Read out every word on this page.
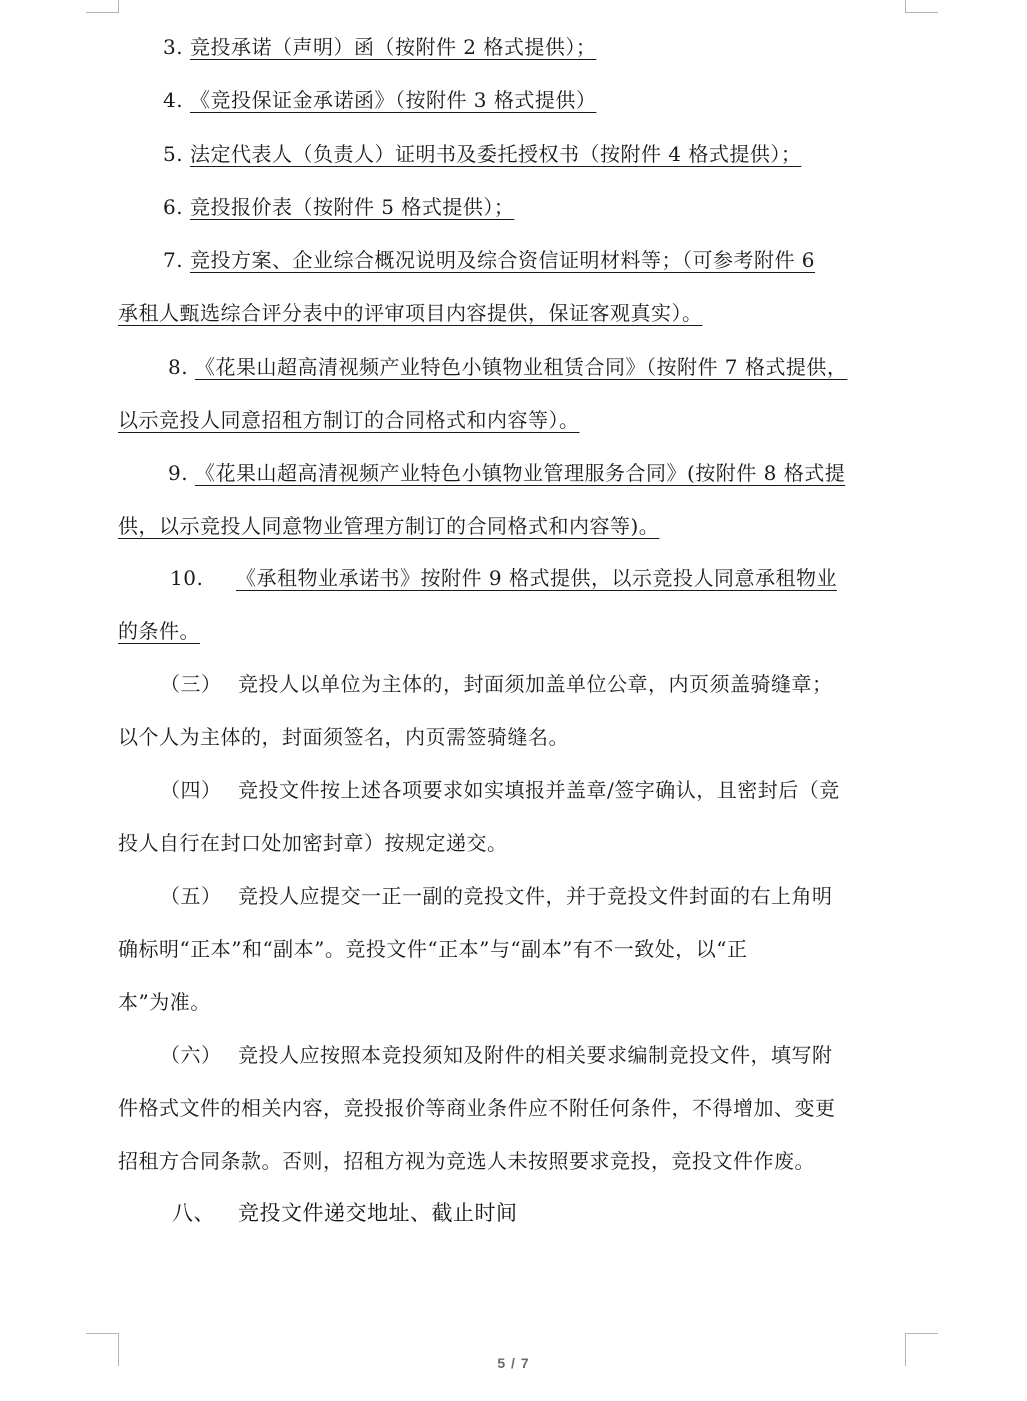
3. 竞投承诺（声明）函（按附件 2 格式提供）；
4. 《竞投保证金承诺函》（按附件 3 格式提供）
5. 法定代表人（负责人）证明书及委托授权书（按附件 4 格式提供）；
6. 竞投报价表（按附件 5 格式提供）；
7. 竞投方案、企业综合概况说明及综合资信证明材料等；（可参考附件 6
承租人甄选综合评分表中的评审项目内容提供，保证客观真实）。
8. 《花果山超高清视频产业特色小镇物业租赁合同》（按附件 7 格式提供，
以示竞投人同意招租方制订的合同格式和内容等）。
9. 《花果山超高清视频产业特色小镇物业管理服务合同》(按附件 8 格式提
供，以示竞投人同意物业管理方制订的合同格式和内容等)。
10. 《承租物业承诺书》按附件 9 格式提供，以示竞投人同意承租物业
的条件。
（三） 竞投人以单位为主体的，封面须加盖单位公章，内页须盖骑缝章；
以个人为主体的，封面须签名，内页需签骑缝名。
（四） 竞投文件按上述各项要求如实填报并盖章/签字确认，且密封后（竞
投人自行在封口处加密封章）按规定递交。
（五） 竞投人应提交一正一副的竞投文件，并于竞投文件封面的右上角明
确标明“正本”和“副本”。竞投文件“正本”与“副本”有不一致处，以“正
本”为准。
（六） 竞投人应按照本竞投须知及附件的相关要求编制竞投文件，填写附
件格式文件的相关内容，竞投报价等商业条件应不附任何条件，不得增加、变更
招租方合同条款。否则，招租方视为竞选人未按照要求竞投，竞投文件作废。
八、 竞投文件递交地址、截止时间
5 / 7
